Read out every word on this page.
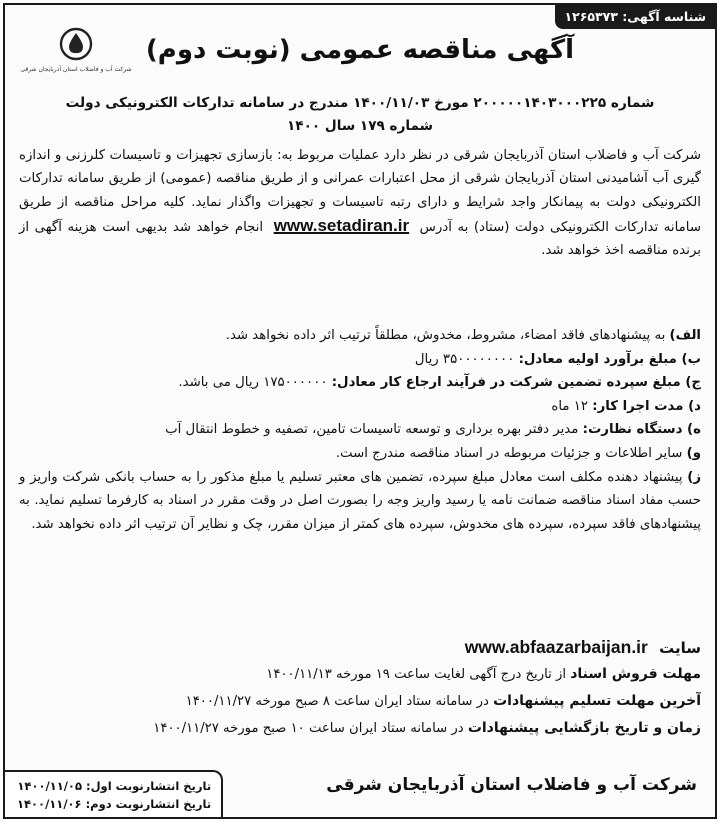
شناسه آگهی: ۱۲۶۵۳۷۳
شرکت آب و فاضلاب استان آذربایجان شرقی
آگهی مناقصه عمومی (نوبت دوم)
شماره ۲۰۰۰۰۰۱۴۰۳۰۰۰۲۲۵ مورخ ۱۴۰۰/۱۱/۰۳ مندرج در سامانه تدارکات الکترونیکی دولت
شماره ۱۷۹ سال ۱۴۰۰
شرکت آب و فاضلاب استان آذربایجان شرقی در نظر دارد عملیات مربوط به: بازسازی تجهیزات و تاسیسات کلرزنی و اندازه گیری آب آشامیدنی استان آذربایجان شرقی از محل اعتبارات عمرانی و از طریق مناقصه (عمومی) از طریق سامانه تدارکات الکترونیکی دولت به پیمانکار واجد شرایط و دارای رتبه تاسیسات و تجهیزات واگذار نماید. کلیه مراحل مناقصه از طریق سامانه تدارکات الکترونیکی دولت (ستاد) به آدرس www.setadiran.ir انجام خواهد شد بدیهی است هزینه آگهی از برنده مناقصه اخذ خواهد شد.
الف) به پیشنهادهای فاقد امضاء، مشروط، مخدوش، مطلقاً ترتیب اثر داده نخواهد شد.
ب) مبلغ برآورد اولیه معادل: ۳۵۰۰۰۰۰۰۰۰ ریال
ج) مبلغ سپرده تضمین شرکت در فرآیند ارجاع کار معادل: ۱۷۵۰۰۰۰۰۰ ریال می باشد.
د) مدت اجرا کار: ۱۲ ماه
ه) دستگاه نظارت: مدیر دفتر بهره برداری و توسعه تاسیسات تامین، تصفیه و خطوط انتقال آب
و) سایر اطلاعات و جزئیات مربوطه در اسناد مناقصه مندرج است.
ز) پیشنهاد دهنده مکلف است معادل مبلغ سپرده، تضمین های معتبر تسلیم یا مبلغ مذکور را به حساب بانکی شرکت واریز و حسب مفاد اسناد مناقصه ضمانت نامه یا رسید واریز وجه را بصورت اصل در وقت مقرر در اسناد به کارفرما تسلیم نماید. به پیشنهادهای فاقد سپرده، سپرده های مخدوش، سپرده های کمتر از میزان مقرر، چک و نظایر آن ترتیب اثر داده نخواهد شد.
سایت www.abfaazarbaijan.ir
مهلت فروش اسناد از تاریخ درج آگهی لغایت ساعت ۱۹ مورخه ۱۴۰۰/۱۱/۱۳
آخرین مهلت تسلیم پیشنهادات در سامانه ستاد ایران ساعت ۸ صبح مورخه ۱۴۰۰/۱۱/۲۷
زمان و تاریخ بازگشایی پیشنهادات در سامانه ستاد ایران ساعت ۱۰ صبح مورخه ۱۴۰۰/۱۱/۲۷
شرکت آب و فاضلاب استان آذربایجان شرقی
تاریخ انتشارنوبت اول: ۱۴۰۰/۱۱/۰۵
تاریخ انتشارنوبت دوم: ۱۴۰۰/۱۱/۰۶
